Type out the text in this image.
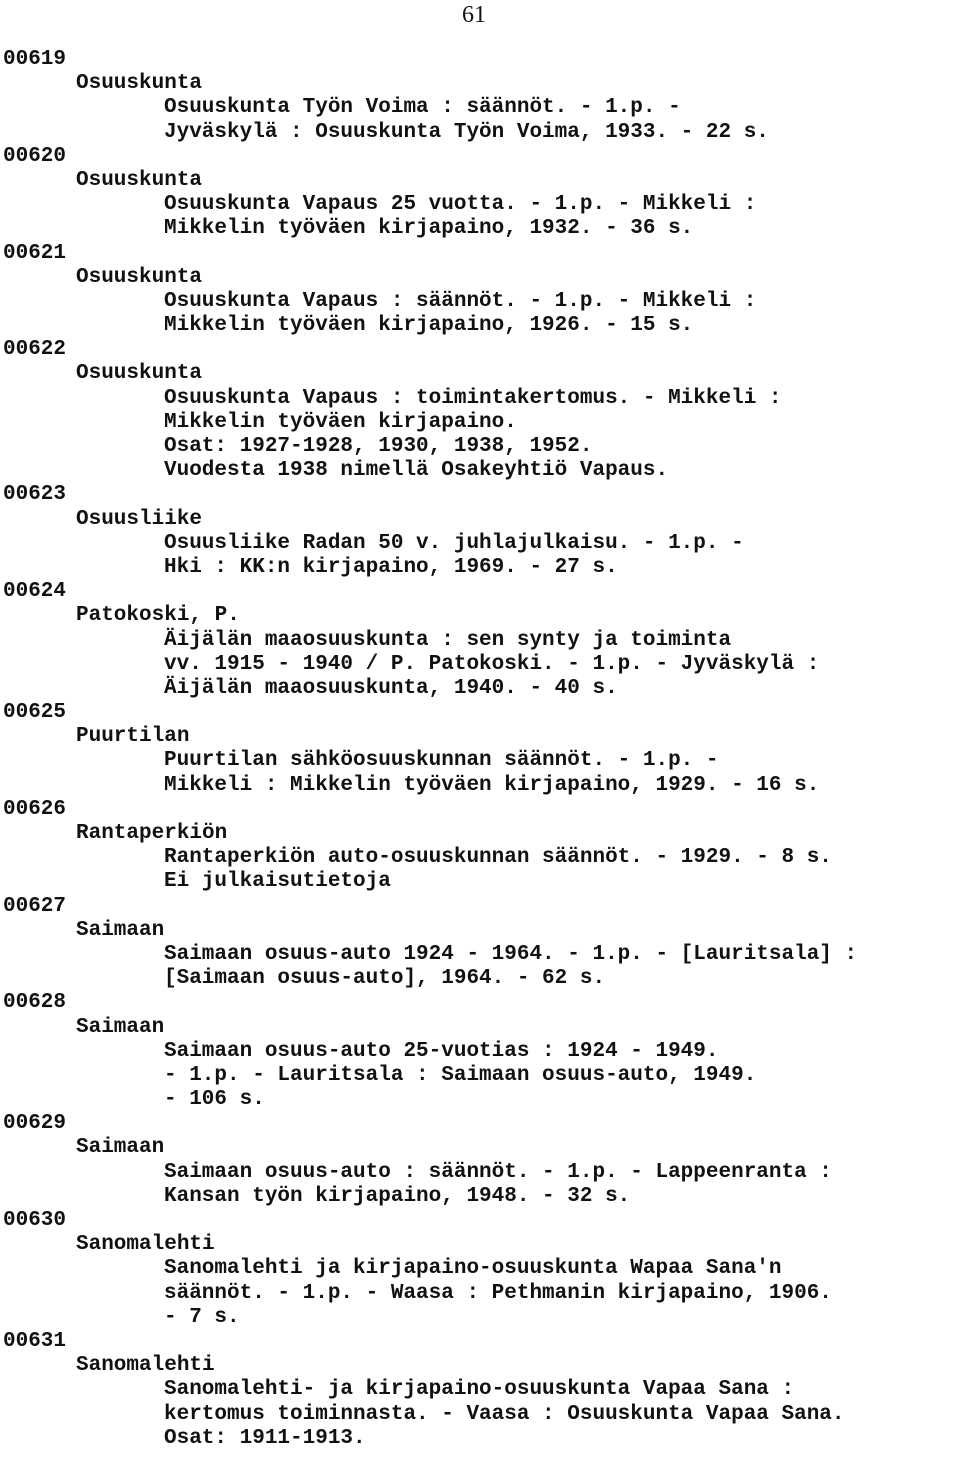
61
00619
Osuuskunta
Osuuskunta Työn Voima : säännöt. - 1.p. -
Jyväskylä : Osuuskunta Työn Voima, 1933. - 22 s.
00620
Osuuskunta
Osuuskunta Vapaus 25 vuotta. - 1.p. - Mikkeli :
Mikkelin työväen kirjapaino, 1932. - 36 s.
00621
Osuuskunta
Osuuskunta Vapaus : säännöt. - 1.p. - Mikkeli :
Mikkelin työväen kirjapaino, 1926. - 15 s.
00622
Osuuskunta
Osuuskunta Vapaus : toimintakertomus. - Mikkeli :
Mikkelin työväen kirjapaino.
Osat: 1927-1928, 1930, 1938, 1952.
Vuodesta 1938 nimellä Osakeyhtiö Vapaus.
00623
Osuusliike
Osuusliike Radan 50 v. juhlajulkaisu. - 1.p. -
Hki : KK:n kirjapaino, 1969. - 27 s.
00624
Patokoski, P.
Äijälän maaosuuskunta : sen synty ja toiminta
vv. 1915 - 1940 / P. Patokoski. - 1.p. - Jyväskylä :
Äijälän maaosuuskunta, 1940. - 40 s.
00625
Puurtilan
Puurtilan sähköosuuskunnan säännöt. - 1.p. -
Mikkeli : Mikkelin työväen kirjapaino, 1929. - 16 s.
00626
Rantaperkiön
Rantaperkiön auto-osuuskunnan säännöt. - 1929. - 8 s.
Ei julkaisutietoja
00627
Saimaan
Saimaan osuus-auto 1924 - 1964. - 1.p. - [Lauritsala] :
[Saimaan osuus-auto], 1964. - 62 s.
00628
Saimaan
Saimaan osuus-auto 25-vuotias : 1924 - 1949.
- 1.p. - Lauritsala : Saimaan osuus-auto, 1949.
- 106 s.
00629
Saimaan
Saimaan osuus-auto : säännöt. - 1.p. - Lappeenranta :
Kansan työn kirjapaino, 1948. - 32 s.
00630
Sanomalehti
Sanomalehti ja kirjapaino-osuuskunta Wapaa Sana'n
säännöt. - 1.p. - Waasa : Pethmanin kirjapaino, 1906.
- 7 s.
00631
Sanomalehti
Sanomalehti- ja kirjapaino-osuuskunta Vapaa Sana :
kertomus toiminnasta. - Vaasa : Osuuskunta Vapaa Sana.
Osat: 1911-1913.
